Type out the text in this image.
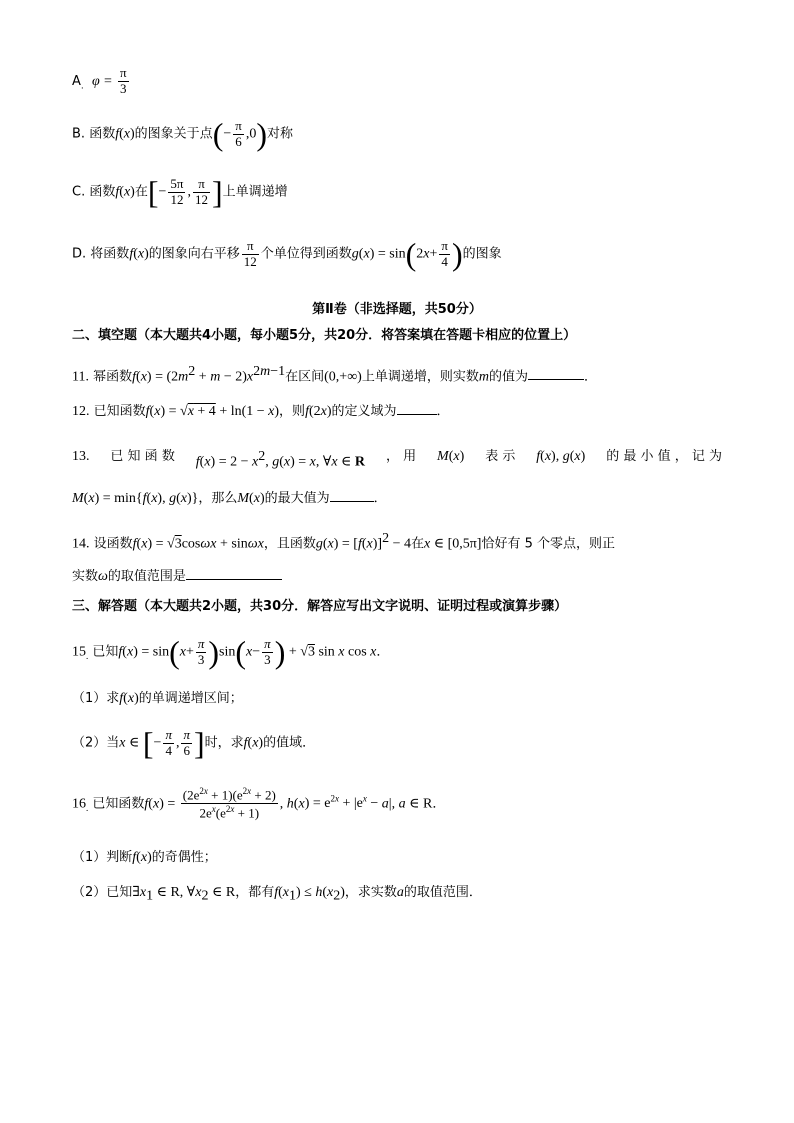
$A_.$ $\varphi = \frac{\pi}{3}$
B. 函数f(x)的图象关于点(− $\frac{\pi}{6} ,0$)对称
C. 函数f(x)在[− $\frac{5\pi}{12}$ , $\frac{\pi}{12}$ ]上单调递增
D. 将函数f(x)的图象向右平移 $\frac{\pi}{12}$ 个单位得到函数$g(x) = \sin(2x+ \frac{\pi}{4}$ )的图象
第Ⅱ卷（非选择题，共50分）
二、填空题（本大题共4小题，每小题5分，共20分．将答案填在答题卡相应的位置上）
11. 幂函数$f(x) = (2m^2 + m - 2)x^{2m-1}$在区间(0,+∞)上单调递增，则实数m的值为	．
12. 已知函数f(x) = √x + 4 + ln(1 − x)，则f(2x)的定义域为	．
13. 已 知 函 数 $f(x) = 2 - x^2$, g(x) = x, ∀x ∈ R ， 用 M(x) 表 示 f(x), g(x) 的 最 小 值 ， 记 为
M(x) = min{f(x), g(x)}，那么M(x)的最大值为	．
14. 设函数f(x) = √3cosωx + sinωx，且函数$g(x) = [f(x)]^2 - 4$在x ∈ [0,5π]恰好有 5 个零点，则正
实数ω的取值范围是
三、解答题（本大题共2小题，共30分．解答应写出文字说明、证明过程或演算步骤）
$15_.$ 已知$f(x) = \sin(x+ \frac{\pi}{3} )\sin(x- \frac{\pi}{3}$ ) + √3 sin x cos x．
（1）求f(x)的单调递增区间；
（2）当x ∈ [− $\frac{\pi}{4}$ , $\frac{\pi}{6}$ ]时，求f(x)的值域．
$16_.$ 已知函数$f(x) = \frac{(2e^{2x} + 1)(e^{2x} + 2)}{2e^x(e^{2x} + 1)}$ , $h(x) = e^{2x} + |e^x - a|$, a ∈ R．
（1）判断f(x)的奇偶性；
（2）已知$\exists x_1$ ∈ R, $\forall x_2$ ∈ R，都有$f(x_1) \le h(x_2)$，求实数a的取值范围．
